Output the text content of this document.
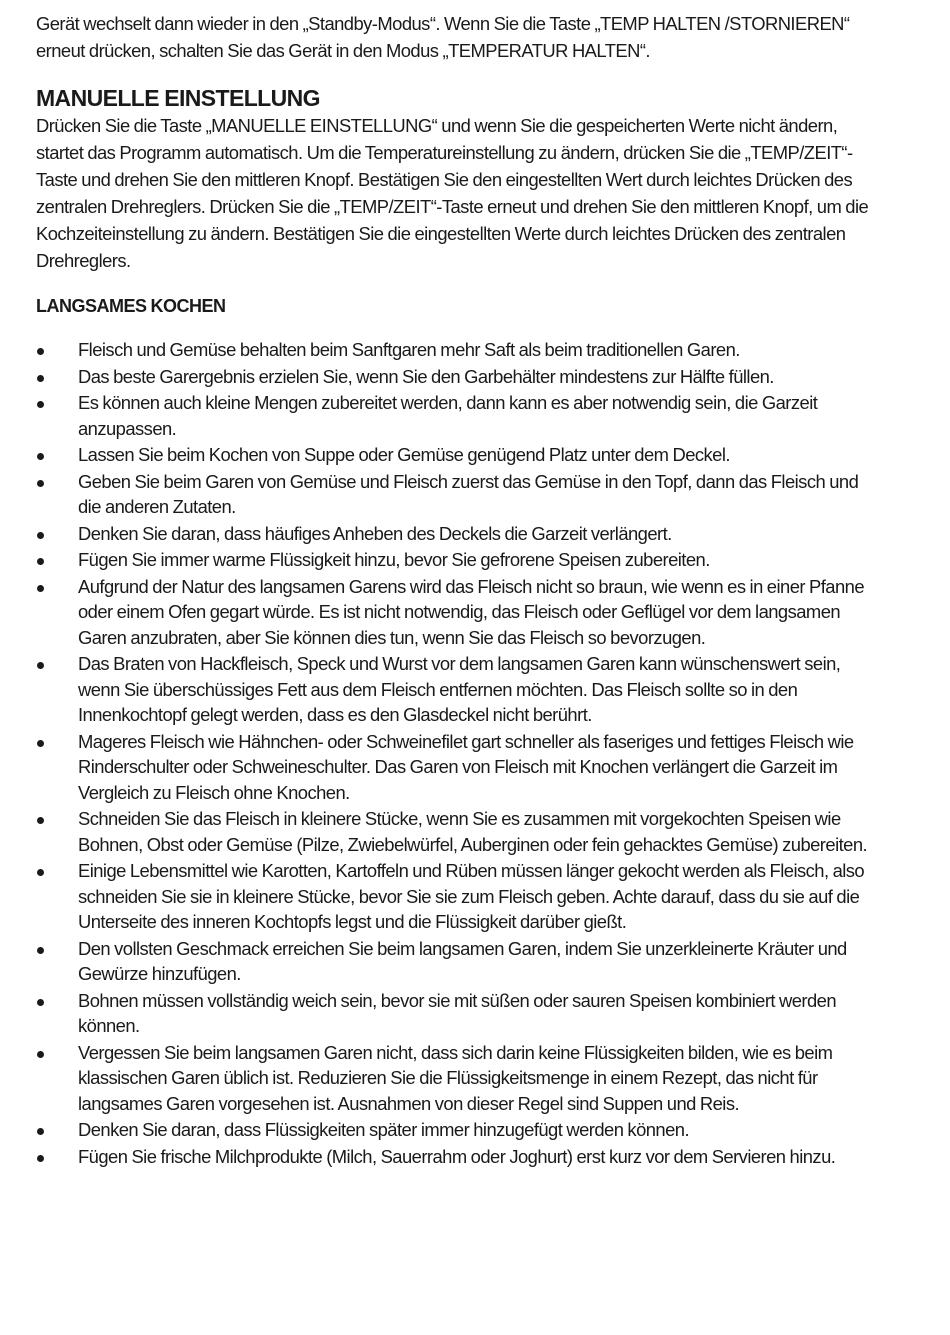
Gerät wechselt dann wieder in den „Standby-Modus“. Wenn Sie die Taste „TEMP HALTEN /STORNIEREN“ erneut drücken, schalten Sie das Gerät in den Modus „TEMPERATUR HALTEN“.

MANUELLE EINSTELLUNG

Drücken Sie die Taste „MANUELLE EINSTELLUNG“ und wenn Sie die gespeicherten Werte nicht ändern, startet das Programm automatisch. Um die Temperatureinstellung zu ändern, drücken Sie die „TEMP/ZEIT“-Taste und drehen Sie den mittleren Knopf. Bestätigen Sie den eingestellten Wert durch leichtes Drücken des zentralen Drehreglers. Drücken Sie die „TEMP/ZEIT“-Taste erneut und drehen Sie den mittleren Knopf, um die Kochzeiteinstellung zu ändern. Bestätigen Sie die eingestellten Werte durch leichtes Drücken des zentralen Drehreglers.

LANGSAMES KOCHEN
Fleisch und Gemüse behalten beim Sanftgaren mehr Saft als beim traditionellen Garen.
Das beste Garergebnis erzielen Sie, wenn Sie den Garbehälter mindestens zur Hälfte füllen.
Es können auch kleine Mengen zubereitet werden, dann kann es aber notwendig sein, die Garzeit anzupassen.
Lassen Sie beim Kochen von Suppe oder Gemüse genügend Platz unter dem Deckel.
Geben Sie beim Garen von Gemüse und Fleisch zuerst das Gemüse in den Topf, dann das Fleisch und die anderen Zutaten.
Denken Sie daran, dass häufiges Anheben des Deckels die Garzeit verlängert.
Fügen Sie immer warme Flüssigkeit hinzu, bevor Sie gefrorene Speisen zubereiten.
Aufgrund der Natur des langsamen Garens wird das Fleisch nicht so braun, wie wenn es in einer Pfanne oder einem Ofen gegart würde. Es ist nicht notwendig, das Fleisch oder Geflügel vor dem langsamen Garen anzubraten, aber Sie können dies tun, wenn Sie das Fleisch so bevorzugen.
Das Braten von Hackfleisch, Speck und Wurst vor dem langsamen Garen kann wünschenswert sein, wenn Sie überschüssiges Fett aus dem Fleisch entfernen möchten. Das Fleisch sollte so in den Innenkochtopf gelegt werden, dass es den Glasdeckel nicht berührt.
Mageres Fleisch wie Hähnchen- oder Schweinefilet gart schneller als faseriges und fettiges Fleisch wie Rinderschulter oder Schweineschulter. Das Garen von Fleisch mit Knochen verlängert die Garzeit im Vergleich zu Fleisch ohne Knochen.
Schneiden Sie das Fleisch in kleinere Stücke, wenn Sie es zusammen mit vorgekochten Speisen wie Bohnen, Obst oder Gemüse (Pilze, Zwiebelwürfel, Auberginen oder fein gehacktes Gemüse) zubereiten.
Einige Lebensmittel wie Karotten, Kartoffeln und Rüben müssen länger gekocht werden als Fleisch, also schneiden Sie sie in kleinere Stücke, bevor Sie sie zum Fleisch geben. Achte darauf, dass du sie auf die Unterseite des inneren Kochtopfs legst und die Flüssigkeit darüber gießt.
Den vollsten Geschmack erreichen Sie beim langsamen Garen, indem Sie unzerkleinerte Kräuter und Gewürze hinzufügen.
Bohnen müssen vollständig weich sein, bevor sie mit süßen oder sauren Speisen kombiniert werden können.
Vergessen Sie beim langsamen Garen nicht, dass sich darin keine Flüssigkeiten bilden, wie es beim klassischen Garen üblich ist. Reduzieren Sie die Flüssigkeitsmenge in einem Rezept, das nicht für langsames Garen vorgesehen ist. Ausnahmen von dieser Regel sind Suppen und Reis.
Denken Sie daran, dass Flüssigkeiten später immer hinzugefügt werden können.
Fügen Sie frische Milchprodukte (Milch, Sauerrahm oder Joghurt) erst kurz vor dem Servieren hinzu.
